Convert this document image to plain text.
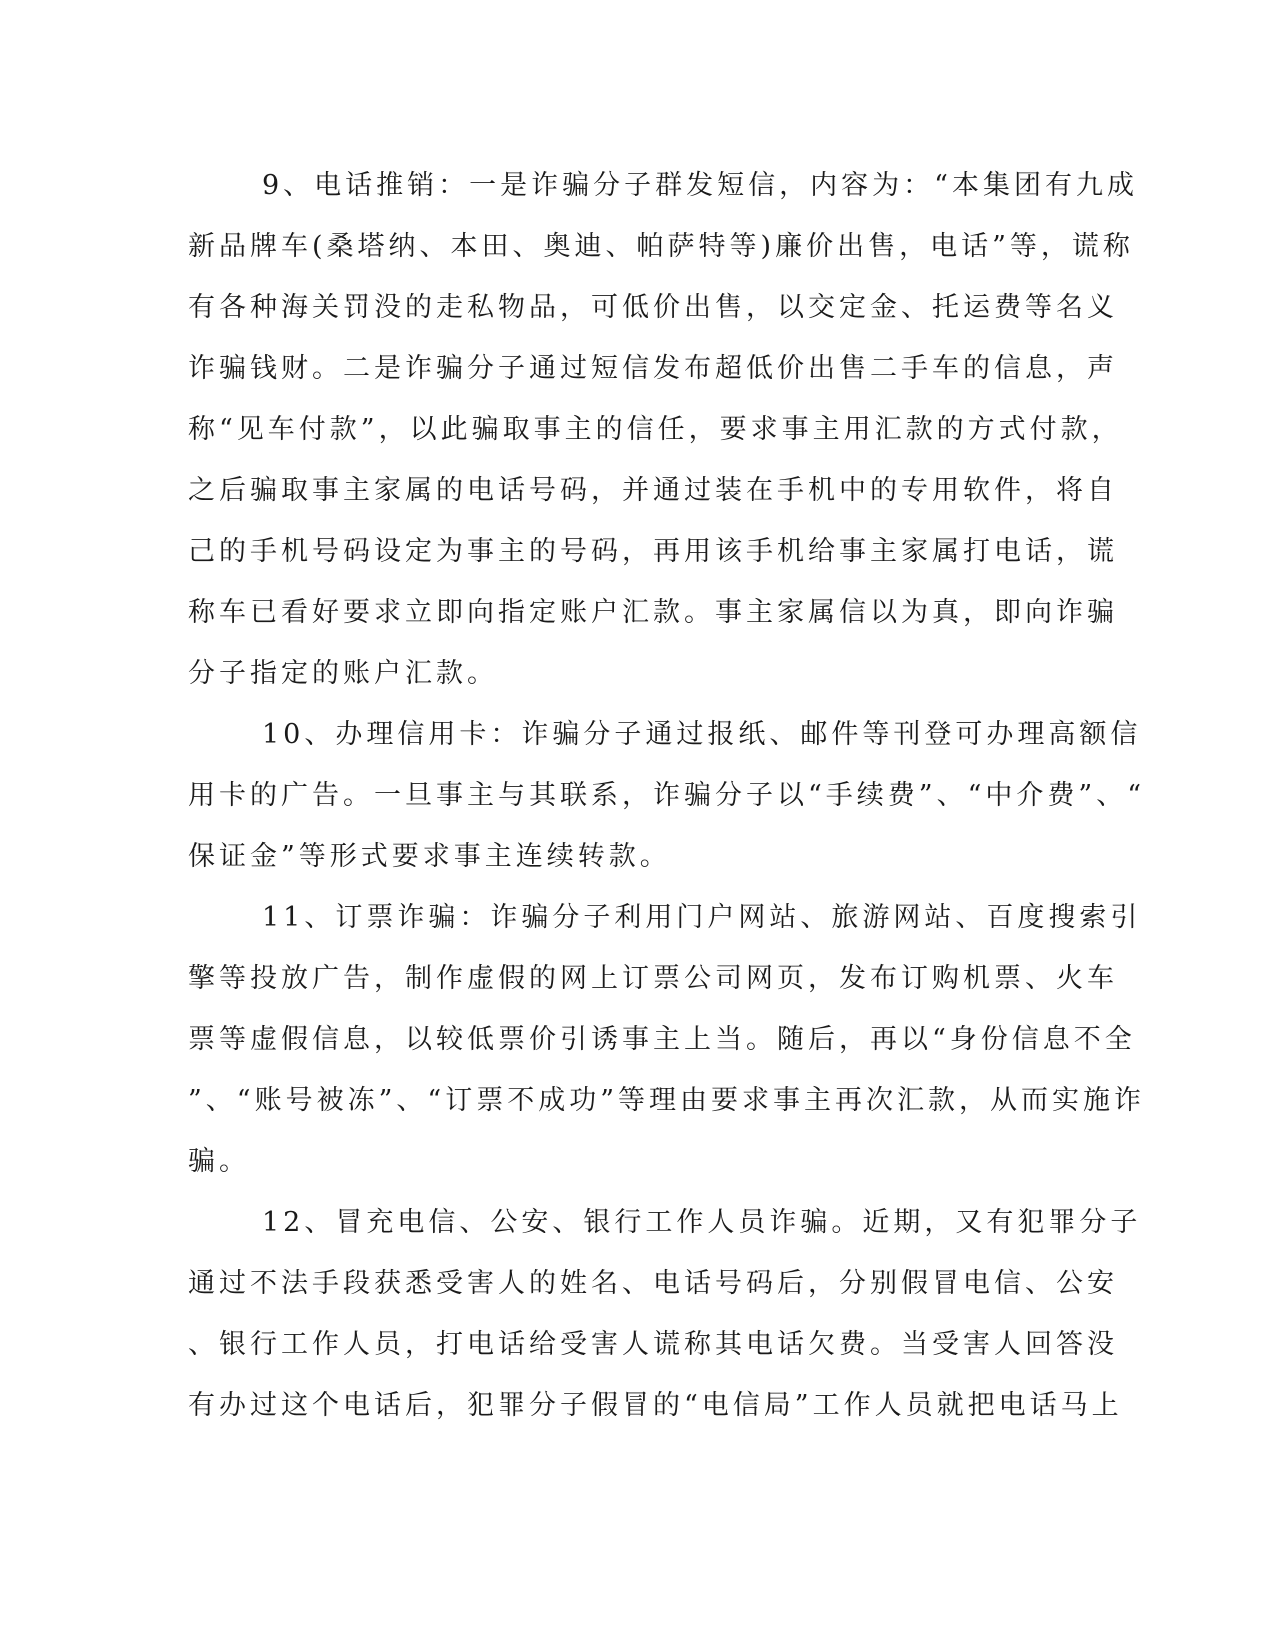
9、电话推销：一是诈骗分子群发短信，内容为：“本集团有九成
新品牌车(桑塔纳、本田、奥迪、帕萨特等)廉价出售，电话”等，谎称
有各种海关罚没的走私物品，可低价出售，以交定金、托运费等名义
诈骗钱财。二是诈骗分子通过短信发布超低价出售二手车的信息，声
称“见车付款”，以此骗取事主的信任，要求事主用汇款的方式付款，
之后骗取事主家属的电话号码，并通过装在手机中的专用软件，将自
己的手机号码设定为事主的号码，再用该手机给事主家属打电话，谎
称车已看好要求立即向指定账户汇款。事主家属信以为真，即向诈骗
分子指定的账户汇款。
10、办理信用卡：诈骗分子通过报纸、邮件等刊登可办理高额信
用卡的广告。一旦事主与其联系，诈骗分子以“手续费”、“中介费”、“
保证金”等形式要求事主连续转款。
11、订票诈骗：诈骗分子利用门户网站、旅游网站、百度搜索引
擎等投放广告，制作虚假的网上订票公司网页，发布订购机票、火车
票等虚假信息，以较低票价引诱事主上当。随后，再以“身份信息不全
”、“账号被冻”、“订票不成功”等理由要求事主再次汇款，从而实施诈
骗。
12、冒充电信、公安、银行工作人员诈骗。近期，又有犯罪分子
通过不法手段获悉受害人的姓名、电话号码后，分别假冒电信、公安
、银行工作人员，打电话给受害人谎称其电话欠费。当受害人回答没
有办过这个电话后，犯罪分子假冒的“电信局”工作人员就把电话马上
